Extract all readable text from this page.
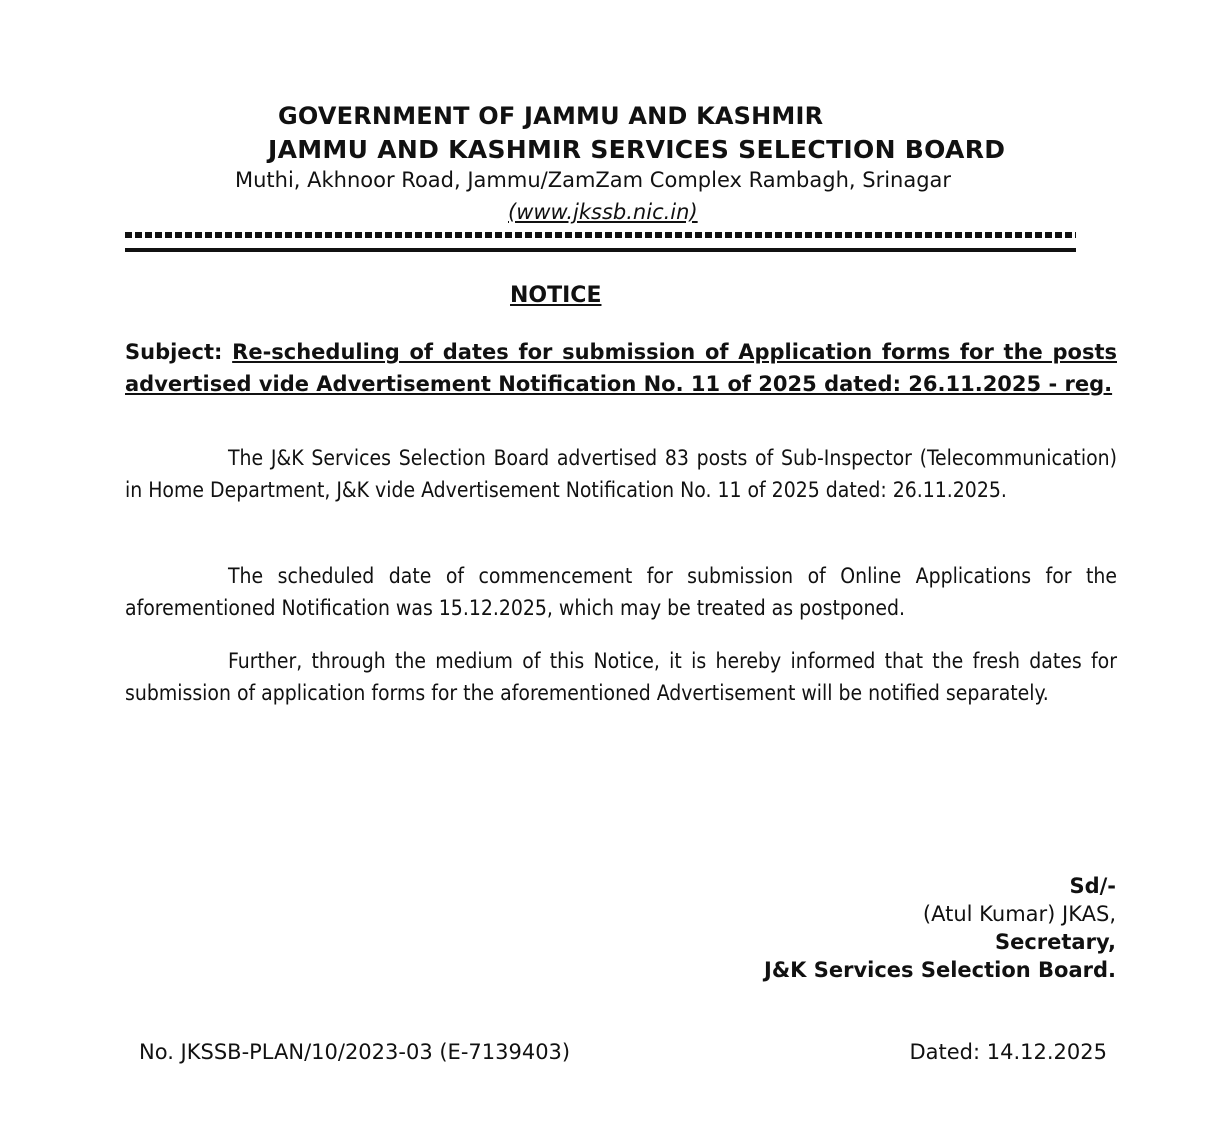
GOVERNMENT OF JAMMU AND KASHMIR
JAMMU AND KASHMIR SERVICES SELECTION BOARD
Muthi, Akhnoor Road, Jammu/ZamZam Complex Rambagh, Srinagar
(www.jkssb.nic.in)
NOTICE
Subject: Re-scheduling of dates for submission of Application forms for the posts advertised vide Advertisement Notification No. 11 of 2025 dated: 26.11.2025 - reg.
The J&K Services Selection Board advertised 83 posts of Sub-Inspector (Telecommunication) in Home Department, J&K vide Advertisement Notification No. 11 of 2025 dated: 26.11.2025.
The scheduled date of commencement for submission of Online Applications for the aforementioned Notification was 15.12.2025, which may be treated as postponed.
Further, through the medium of this Notice, it is hereby informed that the fresh dates for submission of application forms for the aforementioned Advertisement will be notified separately.
Sd/-
(Atul Kumar) JKAS,
Secretary,
J&K Services Selection Board.
No. JKSSB-PLAN/10/2023-03 (E-7139403)	Dated: 14.12.2025
